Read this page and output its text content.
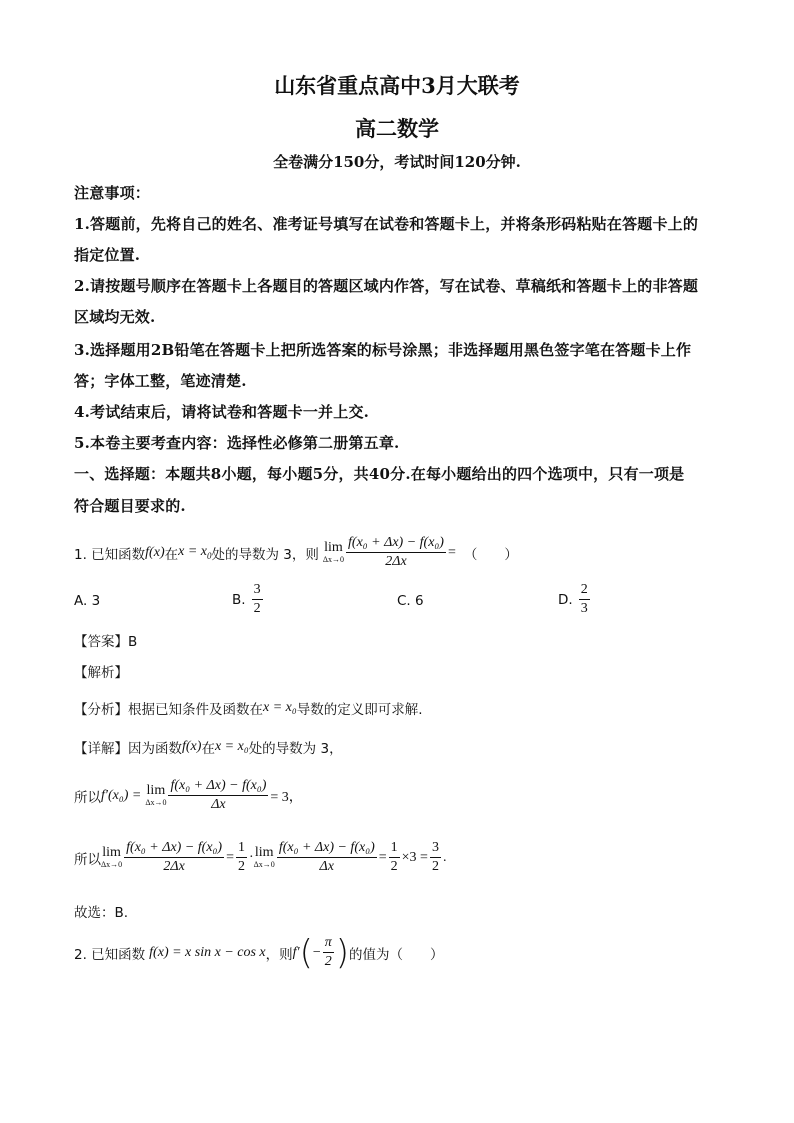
山东省重点高中3月大联考
高二数学
全卷满分150分，考试时间120分钟.
注意事项：
1.答题前，先将自己的姓名、准考证号填写在试卷和答题卡上，并将条形码粘贴在答题卡上的
指定位置.
2.请按题号顺序在答题卡上各题目的答题区域内作答，写在试卷、草稿纸和答题卡上的非答题
区域均无效.
3.选择题用2B铅笔在答题卡上把所选答案的标号涂黑；非选择题用黑色签字笔在答题卡上作
答；字体工整，笔迹清楚.
4.考试结束后，请将试卷和答题卡一并上交.
5.本卷主要考查内容：选择性必修第二册第五章.
一、选择题：本题共8小题，每小题5分，共40分.在每小题给出的四个选项中，只有一项是
符合题目要求的.
1. 已知函数 f(x) 在 $x = x_0$ 处的导数为 3，则 lim
$\Delta x\to 0 \frac{\text{f(x₀ + Δx) − f(x₀)}}{2\Delta x}$ = （　　）
A. 3	B. $\frac{3}{2}$	C. 6	D. $\frac{2}{3}$
【答案】B
【解析】
【分析】根据已知条件及函数在 x = x₀ 导数的定义即可求解.
【详解】因为函数 f(x) 在 x = x₀ 处的导数为 3，
所以 f′(x₀) = lim
$\Delta x\to 0 \frac{\text{f(x₀ + Δx) − f(x₀)}}{\Delta x} = 3$，
所以 lim
$\Delta x\to 0 \frac{\text{f(x₀ + Δx) − f(x₀)}}{2\Delta x} = \frac{1}{2} \cdot \lim$
$\Delta x\to 0 \frac{\text{f(x₀ + Δx) − f(x₀)}}{\Delta x} = \frac{1}{2} \times 3 = \frac{3}{2}$ .
故选：B.
2. 已知函数 f(x) = x sin x − cos x ，则 f′ ( − $\frac{\pi}{2}$ ) 的值为（　　）
